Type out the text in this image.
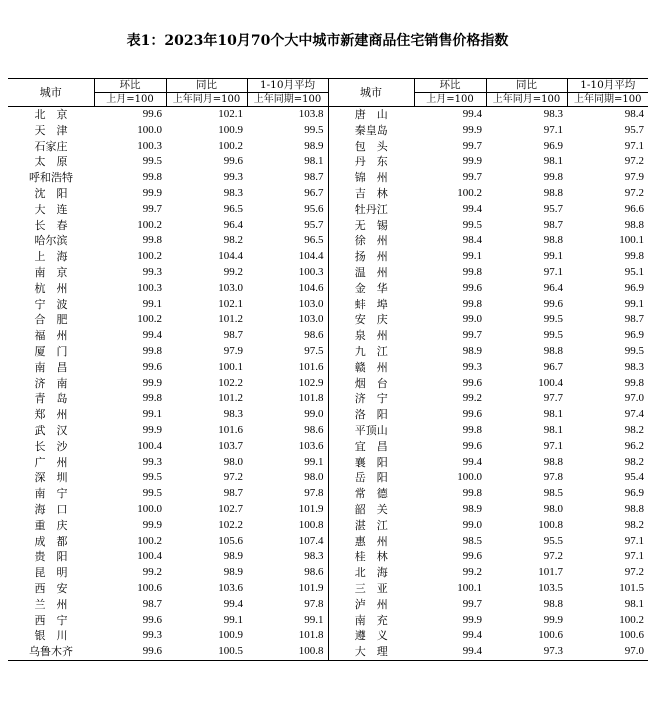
表1：2023年10月70个大中城市新建商品住宅销售价格指数
城市	环比	同比	1-10月平均	城市	环比	同比	1-10月平均
	上月=100	上年同月=100	上年同期=100		上月=100	上年同月=100	上年同期=100
北　京	99.6	102.1	103.8	唐　山	99.4	98.3	98.4
天　津	100.0	100.9	99.5	秦皇岛	99.9	97.1	95.7
石家庄	100.3	100.2	98.9	包　头	99.7	96.9	97.1
太　原	99.5	99.6	98.1	丹　东	99.9	98.1	97.2
呼和浩特	99.8	99.3	98.7	锦　州	99.7	99.8	97.9
沈　阳	99.9	98.3	96.7	吉　林	100.2	98.8	97.2
大　连	99.7	96.5	95.6	牡丹江	99.4	95.7	96.6
长　春	100.2	96.4	95.7	无　锡	99.5	98.7	98.8
哈尔滨	99.8	98.2	96.5	徐　州	98.4	98.8	100.1
上　海	100.2	104.4	104.4	扬　州	99.1	99.1	99.8
南　京	99.3	99.2	100.3	温　州	99.8	97.1	95.1
杭　州	100.3	103.0	104.6	金　华	99.6	96.4	96.9
宁　波	99.1	102.1	103.0	蚌　埠	99.8	99.6	99.1
合　肥	100.2	101.2	103.0	安　庆	99.0	99.5	98.7
福　州	99.4	98.7	98.6	泉　州	99.7	99.5	96.9
厦　门	99.8	97.9	97.5	九　江	98.9	98.8	99.5
南　昌	99.6	100.1	101.6	赣　州	99.3	96.7	98.3
济　南	99.9	102.2	102.9	烟　台	99.6	100.4	99.8
青　岛	99.8	101.2	101.8	济　宁	99.2	97.7	97.0
郑　州	99.1	98.3	99.0	洛　阳	99.6	98.1	97.4
武　汉	99.9	101.6	98.6	平顶山	99.8	98.1	98.2
长　沙	100.4	103.7	103.6	宜　昌	99.6	97.1	96.2
广　州	99.3	98.0	99.1	襄　阳	99.4	98.8	98.2
深　圳	99.5	97.2	98.0	岳　阳	100.0	97.8	95.4
南　宁	99.5	98.7	97.8	常　德	99.8	98.5	96.9
海　口	100.0	102.7	101.9	韶　关	98.9	98.0	98.8
重　庆	99.9	102.2	100.8	湛　江	99.0	100.8	98.2
成　都	100.2	105.6	107.4	惠　州	98.5	95.5	97.1
贵　阳	100.4	98.9	98.3	桂　林	99.6	97.2	97.1
昆　明	99.2	98.9	98.6	北　海	99.2	101.7	97.2
西　安	100.6	103.6	101.9	三　亚	100.1	103.5	101.5
兰　州	98.7	99.4	97.8	泸　州	99.7	98.8	98.1
西　宁	99.6	99.1	99.1	南　充	99.9	99.9	100.2
银　川	99.3	100.9	101.8	遵　义	99.4	100.6	100.6
乌鲁木齐	99.6	100.5	100.8	大　理	99.4	97.3	97.0
